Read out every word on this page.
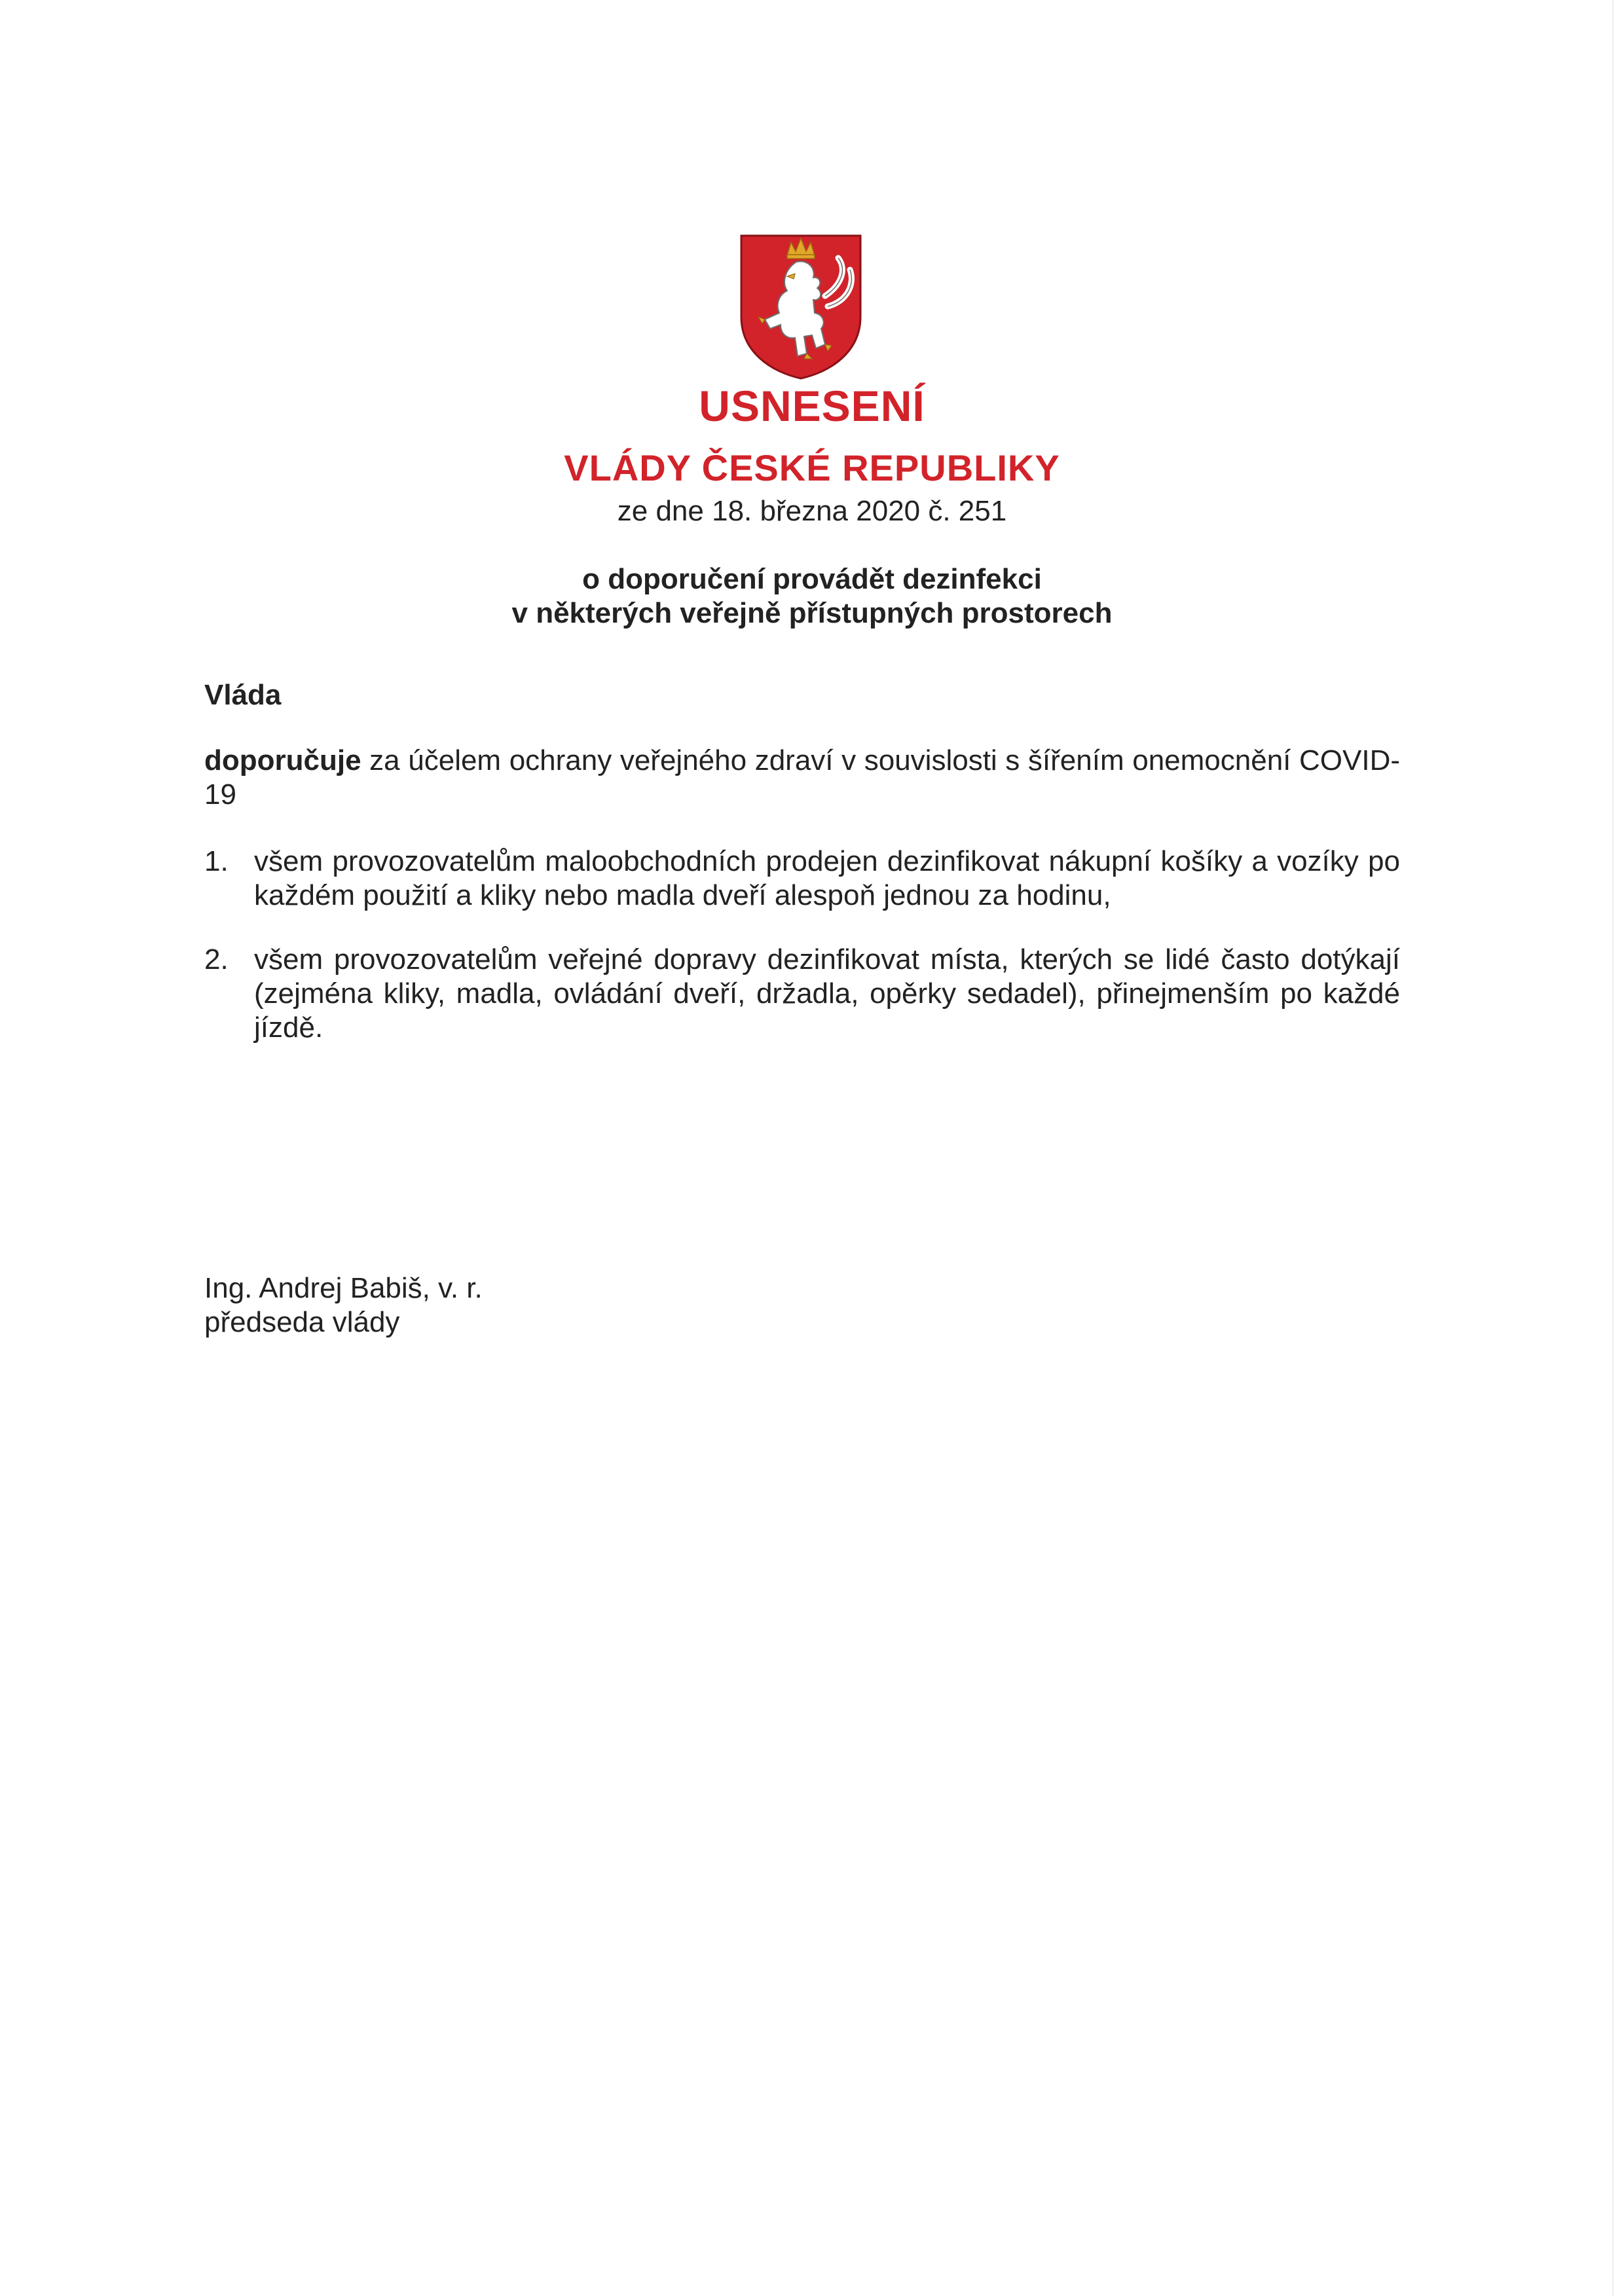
USNESENÍ
VLÁDY ČESKÉ REPUBLIKY
ze dne 18. března 2020 č. 251
o doporučení provádět dezinfekci
v některých veřejně přístupných prostorech
Vláda
doporučuje za účelem ochrany veřejného zdraví v souvislosti s šířením onemocnění COVID-19
1. všem provozovatelům maloobchodních prodejen dezinfikovat nákupní košíky a vozíky po každém použití a kliky nebo madla dveří alespoň jednou za hodinu,
2. všem provozovatelům veřejné dopravy dezinfikovat místa, kterých se lidé často dotýkají (zejména kliky, madla, ovládání dveří, držadla, opěrky sedadel), přinejmenším po každé jízdě.
Ing. Andrej Babiš, v. r.
předseda vlády
